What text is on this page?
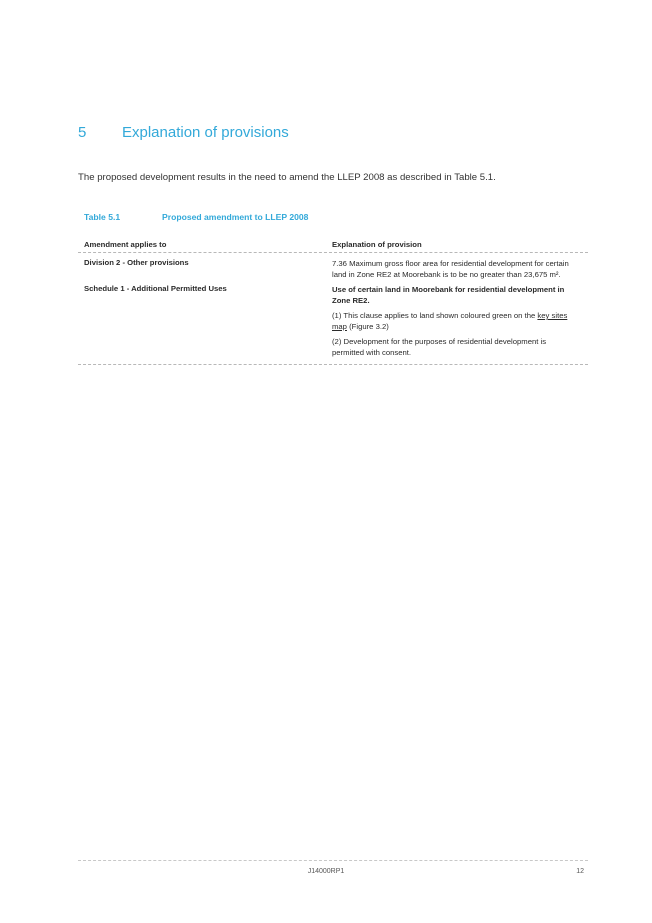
5	Explanation of provisions
The proposed development results in the need to amend the LLEP 2008 as described in Table 5.1.
Table 5.1	Proposed amendment to LLEP 2008
Amendment applies to	Explanation of provision
Division 2 - Other provisions	7.36 Maximum gross floor area for residential development for certain land in Zone RE2 at Moorebank is to be no greater than 23,675 m².

Schedule 1 - Additional Permitted Uses	Use of certain land in Moorebank for residential development in Zone RE2.

(1) This clause applies to land shown coloured green on the key sites map (Figure 3.2)

(2) Development for the purposes of residential development is permitted with consent.

J14000RP1	12
